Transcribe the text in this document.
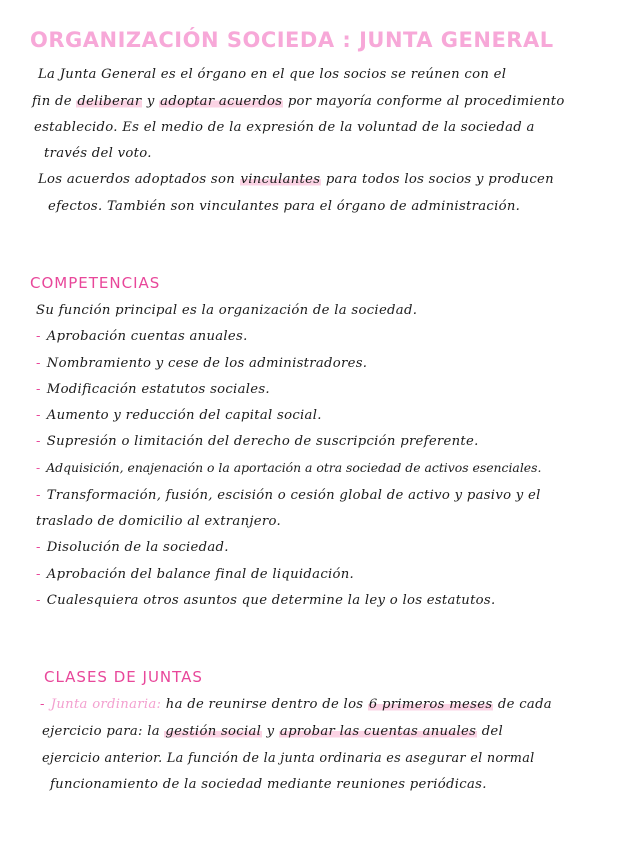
ORGANIZACIÓN SOCIEDA : JUNTA GENERAL
La Junta General es el órgano en el que los socios se reúnen con el
fin de deliberar y adoptar acuerdos por mayoría conforme al procedimiento
establecido. Es el medio de la expresión de la voluntad de la sociedad a
través del voto.
Los acuerdos adoptados son vinculantes para todos los socios y producen
efectos. También son vinculantes para el órgano de administración.
COMPETENCIAS
Su función principal es la organización de la sociedad.
- Aprobación cuentas anuales.
- Nombramiento y cese de los administradores.
- Modificación estatutos sociales.
- Aumento y reducción del capital social.
- Supresión o limitación del derecho de suscripción preferente.
- Adquisición, enajenación o la aportación a otra sociedad de activos esenciales.
- Transformación, fusión, escisión o cesión global de activo y pasivo y el
traslado de domicilio al extranjero.
- Disolución de la sociedad.
- Aprobación del balance final de liquidación.
- Cualesquiera otros asuntos que determine la ley o los estatutos.
CLASES DE JUNTAS
- Junta ordinaria: ha de reunirse dentro de los 6 primeros meses de cada
ejercicio para: la gestión social y aprobar las cuentas anuales del
ejercicio anterior. La función de la junta ordinaria es asegurar el normal
funcionamiento de la sociedad mediante reuniones periódicas.
